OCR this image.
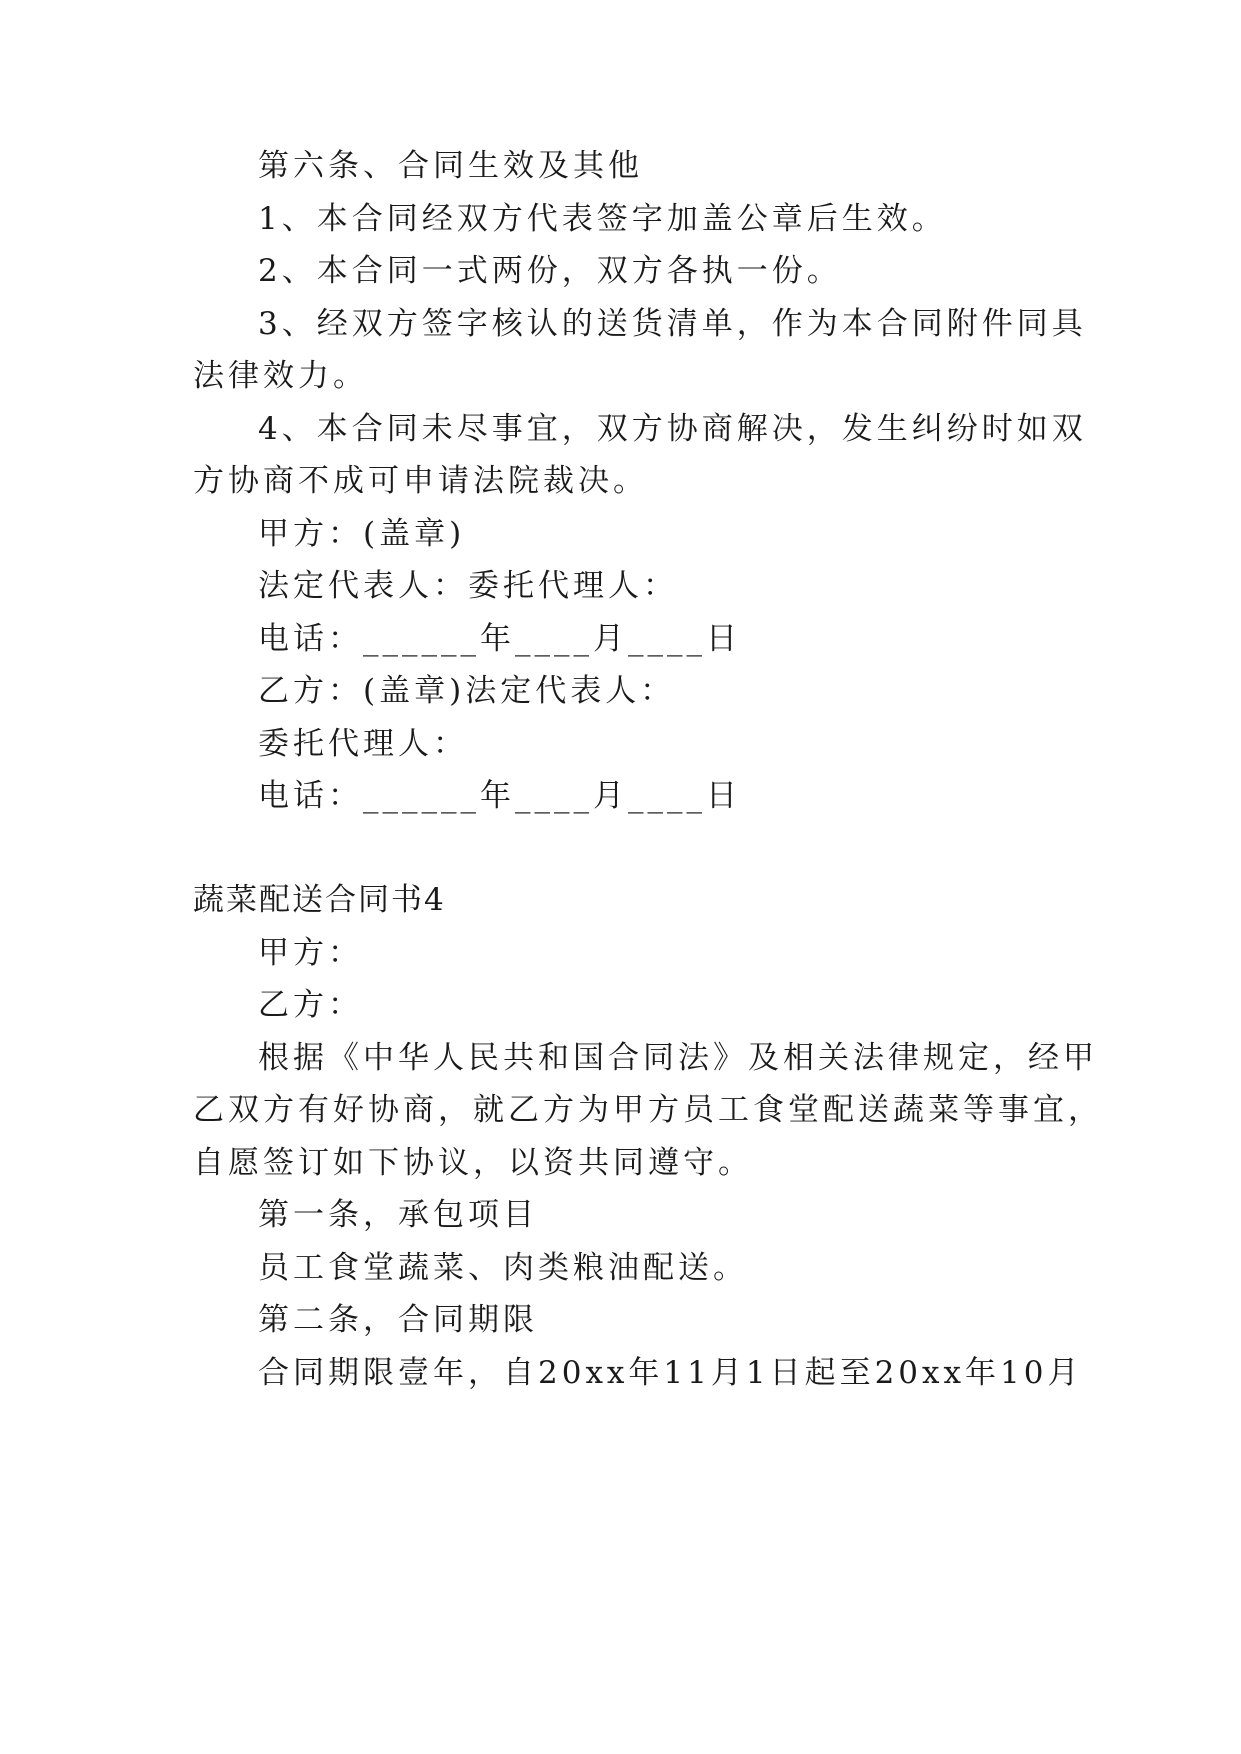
第六条、合同生效及其他
1、本合同经双方代表签字加盖公章后生效。
2、本合同一式两份，双方各执一份。
3、经双方签字核认的送货清单，作为本合同附件同具
法律效力。
4、本合同未尽事宜，双方协商解决，发生纠纷时如双
方协商不成可申请法院裁决。
甲方：(盖章)
法定代表人：委托代理人：
电话：______年____月____日
乙方：(盖章)法定代表人：
委托代理人：
电话：______年____月____日
蔬菜配送合同书4
甲方：
乙方：
根据《中华人民共和国合同法》及相关法律规定，经甲
乙双方有好协商，就乙方为甲方员工食堂配送蔬菜等事宜，
自愿签订如下协议，以资共同遵守。
第一条，承包项目
员工食堂蔬菜、肉类粮油配送。
第二条，合同期限
合同期限壹年，自20xx年11月1日起至20xx年10月
